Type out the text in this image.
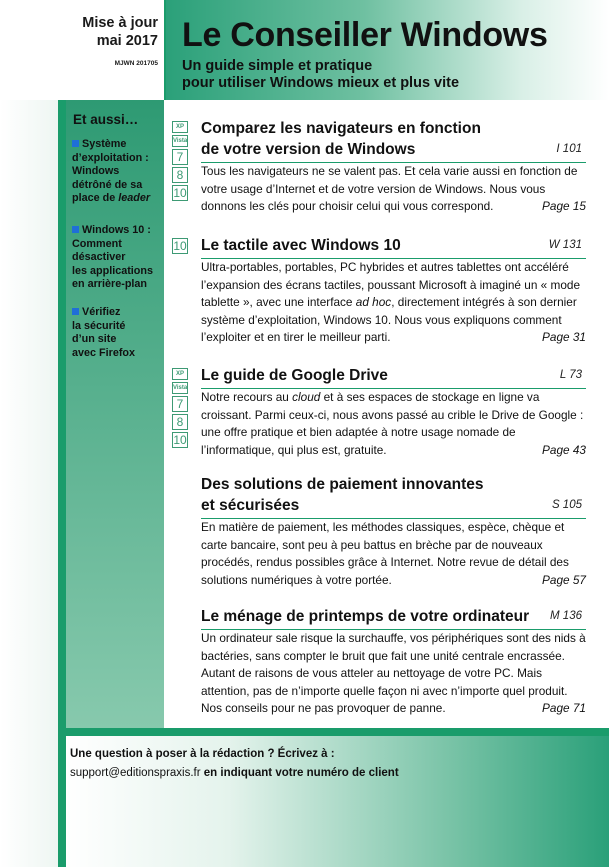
Mise à jour
mai 2017
MJWN 201705
Le Conseiller Windows
Un guide simple et pratique
pour utiliser Windows mieux et plus vite
Et aussi…
Système
d’exploitation :
Windows
détrôné de sa
place de leader
Windows 10 :
Comment
désactiver
les applications
en arrière-plan
Vérifiez
la sécurité
d’un site
avec Firefox
XP
Vista
7
8
10
Comparez les navigateurs en fonction
de votre version de Windows	I 101
Tous les navigateurs ne se valent pas. Et cela varie aussi en fonction de votre usage d’Internet et de votre version de Windows. Nous vous donnons les clés pour choisir celui qui vous correspond.	Page 15
10 Le tactile avec Windows 10	W 131
Ultra-portables, portables, PC hybrides et autres tablettes ont accéléré l’expansion des écrans tactiles, poussant Microsoft à imaginé un « mode tablette », avec une interface ad hoc, directement intégrés à son dernier système d’exploitation, Windows 10. Nous vous expliquons comment l’exploiter et en tirer le meilleur parti.	Page 31
XP
Vista
7
8
10
Le guide de Google Drive	L 73
Notre recours au cloud et à ses espaces de stockage en ligne va croissant. Parmi ceux-ci, nous avons passé au crible le Drive de Google : une offre pratique et bien adaptée à notre usage nomade de l’informatique, qui plus est, gratuite.	Page 43
Des solutions de paiement innovantes
et sécurisées	S 105
En matière de paiement, les méthodes classiques, espèce, chèque et carte bancaire, sont peu à peu battus en brèche par de nouveaux procédés, rendus possibles grâce à Internet. Notre revue de détail des solutions numériques à votre portée.	Page 57
Le ménage de printemps de votre ordinateur	M 136
Un ordinateur sale risque la surchauffe, vos périphériques sont des nids à bactéries, sans compter le bruit que fait une unité centrale encrassée. Autant de raisons de vous atteler au nettoyage de votre PC. Mais attention, pas de n’importe quelle façon ni avec n’importe quel produit. Nos conseils pour ne pas provoquer de panne.	Page 71
Une question à poser à la rédaction ? Écrivez à :
support@editionspraxis.fr en indiquant votre numéro de client
